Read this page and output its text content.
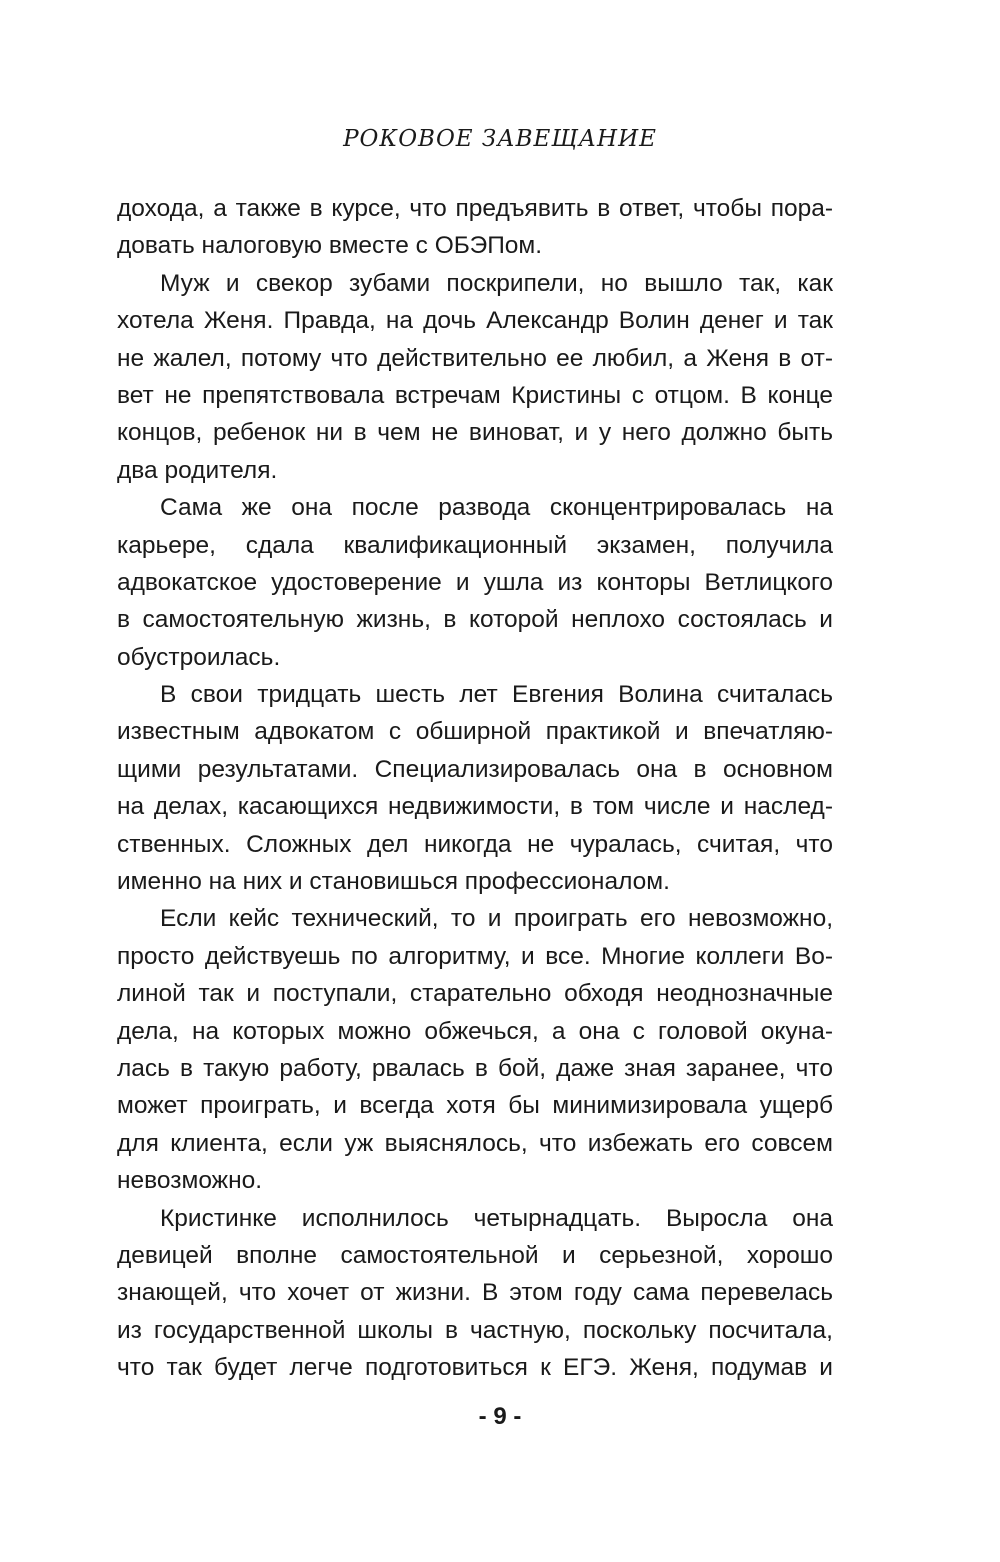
РОКОВОЕ ЗАВЕЩАНИЕ

дохода, а также в курсе, что предъявить в ответ, чтобы пора-
довать налоговую вместе с ОБЭПом.

Муж и свекор зубами поскрипели, но вышло так, как
хотела Женя. Правда, на дочь Александр Волин денег и так
не жалел, потому что действительно ее любил, а Женя в от-
вет не препятствовала встречам Кристины с отцом. В конце
концов, ребенок ни в чем не виноват, и у него должно быть
два родителя.

Сама же она после развода сконцентрировалась на
карьере, сдала квалификационный экзамен, получила
адвокатское удостоверение и ушла из конторы Ветлицкого
в самостоятельную жизнь, в которой неплохо состоялась и
обустроилась.

В свои тридцать шесть лет Евгения Волина считалась
известным адвокатом с обширной практикой и впечатляю-
щими результатами. Специализировалась она в основном
на делах, касающихся недвижимости, в том числе и наслед-
ственных. Сложных дел никогда не чуралась, считая, что
именно на них и становишься профессионалом.

Если кейс технический, то и проиграть его невозможно,
просто действуешь по алгоритму, и все. Многие коллеги Во-
линой так и поступали, старательно обходя неоднозначные
дела, на которых можно обжечься, а она с головой окуна-
лась в такую работу, рвалась в бой, даже зная заранее, что
может проиграть, и всегда хотя бы минимизировала ущерб
для клиента, если уж выяснялось, что избежать его совсем
невозможно.

Кристинке исполнилось четырнадцать. Выросла она
девицей вполне самостоятельной и серьезной, хорошо
знающей, что хочет от жизни. В этом году сама перевелась
из государственной школы в частную, поскольку посчитала,
что так будет легче подготовиться к ЕГЭ. Женя, подумав и

- 9 -
